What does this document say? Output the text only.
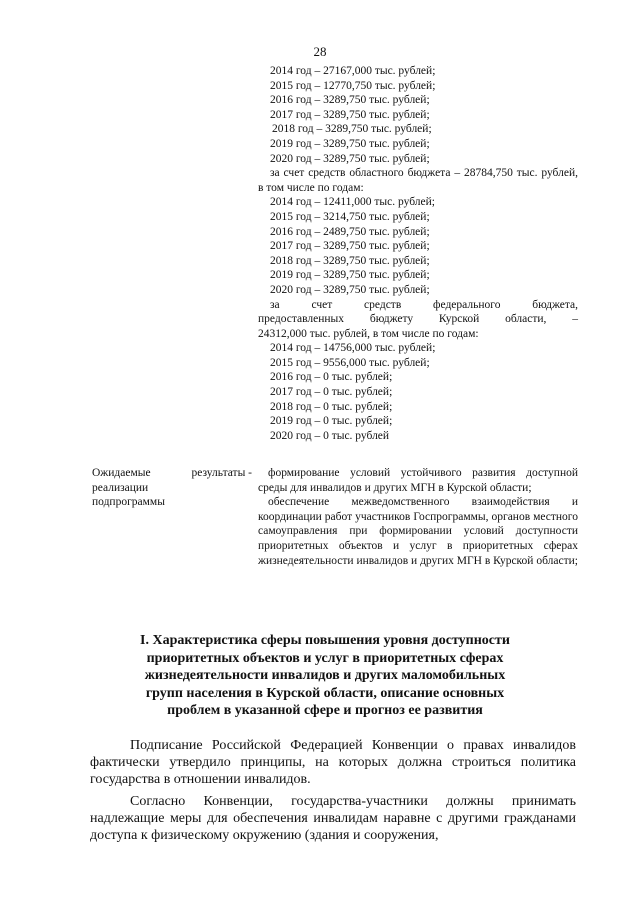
28
2014 год – 27167,000 тыс. рублей;
2015 год – 12770,750 тыс. рублей;
2016 год – 3289,750 тыс. рублей;
2017 год – 3289,750 тыс. рублей;
2018 год – 3289,750 тыс. рублей;
2019 год – 3289,750 тыс. рублей;
2020 год – 3289,750 тыс. рублей;
за счет средств областного бюджета – 28784,750 тыс. рублей, в том числе по годам:
2014 год – 12411,000 тыс. рублей;
2015 год – 3214,750 тыс. рублей;
2016 год – 2489,750 тыс. рублей;
2017 год – 3289,750 тыс. рублей;
2018 год – 3289,750 тыс. рублей;
2019 год – 3289,750 тыс. рублей;
2020 год – 3289,750 тыс. рублей;
за счет средств федерального бюджета,
предоставленных бюджету Курской области, –
24312,000 тыс. рублей, в том числе по годам:
2014 год – 14756,000 тыс. рублей;
2015 год – 9556,000 тыс. рублей;
2016 год – 0 тыс. рублей;
2017 год – 0 тыс. рублей;
2018 год – 0 тыс. рублей;
2019 год – 0 тыс. рублей;
2020 год – 0 тыс. рублей
Ожидаемые	результаты -
реализации
подпрограммы

формирование условий устойчивого развития доступной среды для инвалидов и других МГН в Курской области;

обеспечение межведомственного взаимодействия и координации работ участников Госпрограммы, органов местного самоуправления при формировании условий доступности приоритетных объектов и услуг в приоритетных сферах жизнедеятельности инвалидов и других МГН в Курской области;

I. Характеристика сферы повышения уровня доступности приоритетных объектов и услуг в приоритетных сферах жизнедеятельности инвалидов и других маломобильных групп населения в Курской области, описание основных проблем в указанной сфере и прогноз ее развития

Подписание Российской Федерацией Конвенции о правах инвалидов фактически утвердило принципы, на которых должна строиться политика государства в отношении инвалидов.

Согласно Конвенции, государства-участники должны принимать надлежащие меры для обеспечения инвалидам наравне с другими гражданами доступа к физическому окружению (здания и сооружения,
